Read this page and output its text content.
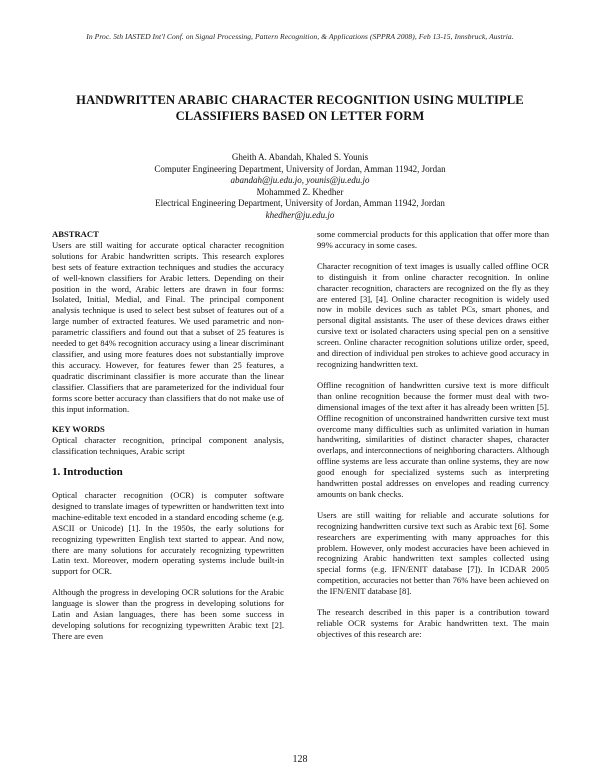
In Proc. 5th IASTED Int'l Conf. on Signal Processing, Pattern Recognition, & Applications (SPPRA 2008), Feb 13-15, Innsbruck, Austria.
HANDWRITTEN ARABIC CHARACTER RECOGNITION USING MULTIPLE
CLASSIFIERS BASED ON LETTER FORM
Gheith A. Abandah, Khaled S. Younis
Computer Engineering Department, University of Jordan, Amman 11942, Jordan
abandah@ju.edu.jo, younis@ju.edu.jo
Mohammed Z. Khedher
Electrical Engineering Department, University of Jordan, Amman 11942, Jordan
khedher@ju.edu.jo
ABSTRACT

Users are still waiting for accurate optical character recognition solutions for Arabic handwritten scripts. This research explores best sets of feature extraction techniques and studies the accuracy of well-known classifiers for Arabic letters. Depending on their position in the word, Arabic letters are drawn in four forms: Isolated, Initial, Medial, and Final. The principal component analysis technique is used to select best subset of features out of a large number of extracted features. We used parametric and non-parametric classifiers and found out that a subset of 25 features is needed to get 84% recognition accuracy using a linear discriminant classifier, and using more features does not substantially improve this accuracy. However, for features fewer than 25 features, a quadratic discriminant classifier is more accurate than the linear classifier. Classifiers that are parameterized for the individual four forms score better accuracy than classifiers that do not make use of this input information.

KEY WORDS

Optical character recognition, principal component analysis, classification techniques, Arabic script

1. Introduction

Optical character recognition (OCR) is computer software designed to translate images of typewritten or handwritten text into machine-editable text encoded in a standard encoding scheme (e.g. ASCII or Unicode) [1]. In the 1950s, the early solutions for recognizing typewritten English text started to appear. And now, there are many solutions for accurately recognizing typewritten Latin text. Moreover, modern operating systems include built-in support for OCR.

Although the progress in developing OCR solutions for the Arabic language is slower than the progress in developing solutions for Latin and Asian languages, there has been some success in developing solutions for recognizing typewritten Arabic text [2]. There are even

some commercial products for this application that offer more than 99% accuracy in some cases.

Character recognition of text images is usually called offline OCR to distinguish it from online character recognition. In online character recognition, characters are recognized on the fly as they are entered [3], [4]. Online character recognition is widely used now in mobile devices such as tablet PCs, smart phones, and personal digital assistants. The user of these devices draws either cursive text or isolated characters using special pen on a sensitive screen. Online character recognition solutions utilize order, speed, and direction of individual pen strokes to achieve good accuracy in recognizing handwritten text.

Offline recognition of handwritten cursive text is more difficult than online recognition because the former must deal with two-dimensional images of the text after it has already been written [5]. Offline recognition of unconstrained handwritten cursive text must overcome many difficulties such as unlimited variation in human handwriting, similarities of distinct character shapes, character overlaps, and interconnections of neighboring characters. Although offline systems are less accurate than online systems, they are now good enough for specialized systems such as interpreting handwritten postal addresses on envelopes and reading currency amounts on bank checks.

Users are still waiting for reliable and accurate solutions for recognizing handwritten cursive text such as Arabic text [6]. Some researchers are experimenting with many approaches for this problem. However, only modest accuracies have been achieved in recognizing Arabic handwritten text samples collected using special forms (e.g. IFN/ENIT database [7]). In ICDAR 2005 competition, accuracies not better than 76% have been achieved on the IFN/ENIT database [8].

The research described in this paper is a contribution toward reliable OCR systems for Arabic handwritten text. The main objectives of this research are:

128
